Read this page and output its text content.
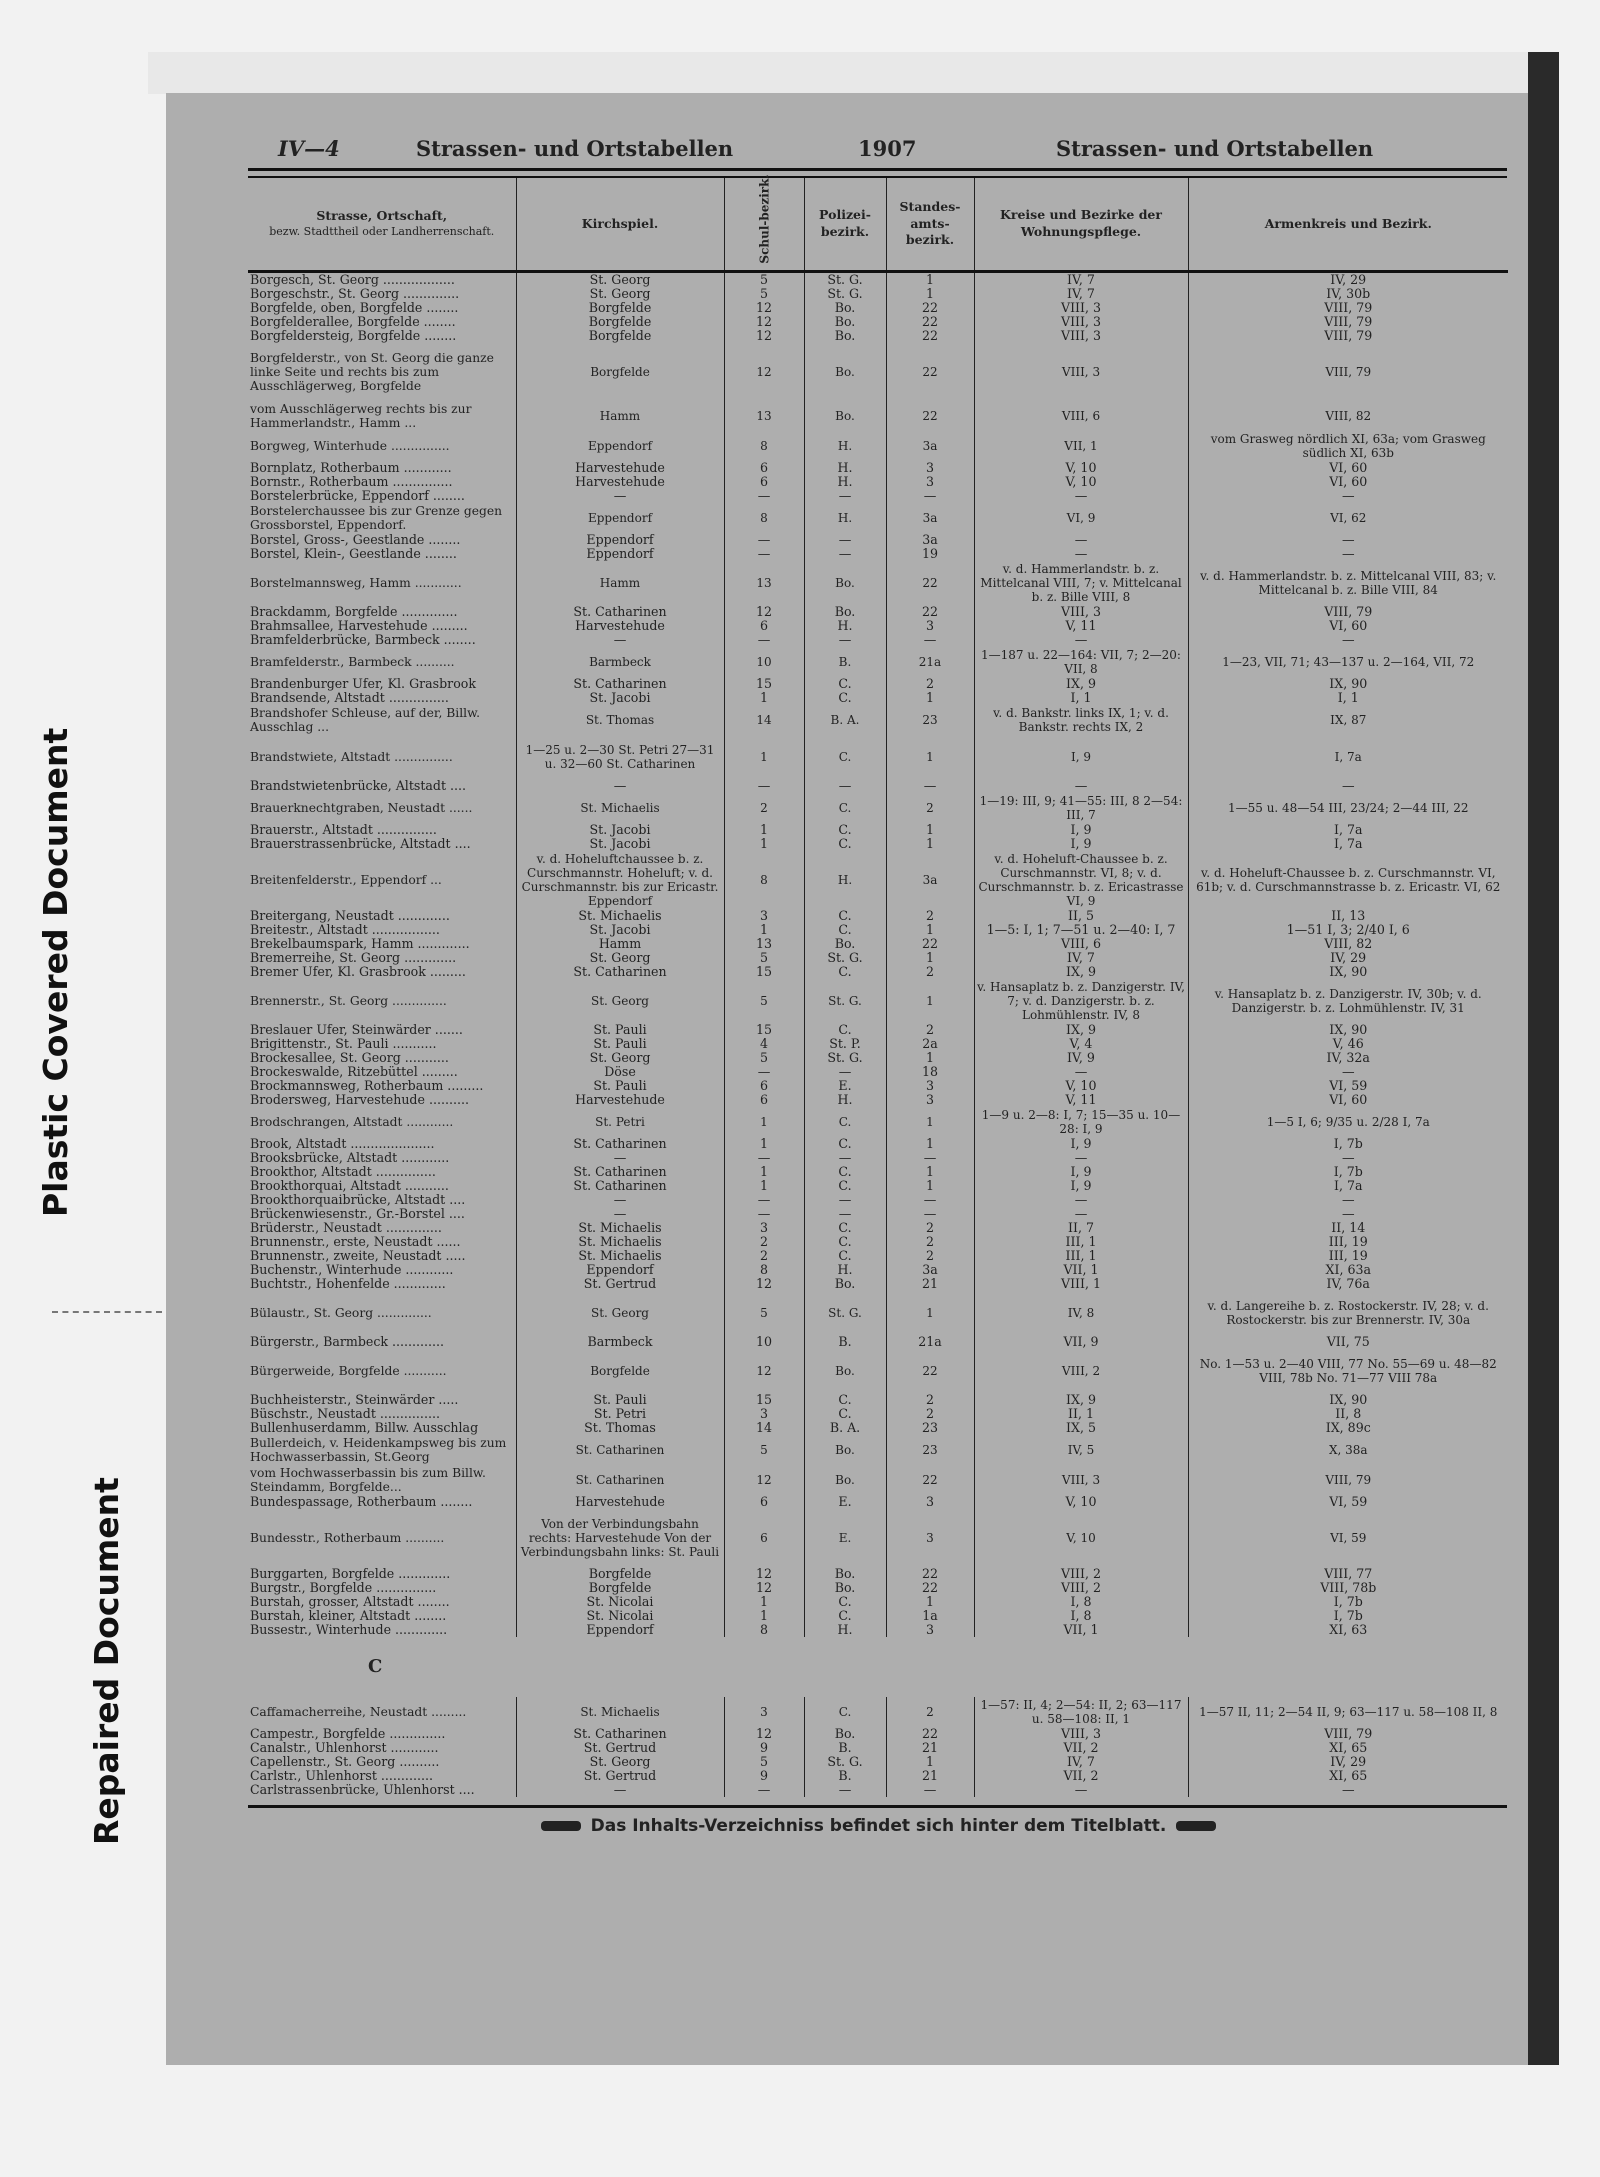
Plastic Covered Document
Repaired Document
IV—4	Strassen- und Ortstabellen	1907	Strassen- und Ortstabellen
Strasse, Ortschaft,
bezw. Stadttheil oder Landherrenschaft.	Kirchspiel.	Schul-bezirk.	Polizei-bezirk.	Standes-amts-bezirk.	Kreise und Bezirke der Wohnungspflege.	Armenkreis und Bezirk.
Borgesch, St. Georg ..................	St. Georg	5	St. G.	1	IV, 7	IV, 29
Borgeschstr., St. Georg ..............	St. Georg	5	St. G.	1	IV, 7	IV, 30b
Borgfelde, oben, Borgfelde ........	Borgfelde	12	Bo.	22	VIII, 3	VIII, 79
Borgfelderallee, Borgfelde ........	Borgfelde	12	Bo.	22	VIII, 3	VIII, 79
Borgfeldersteig, Borgfelde ........	Borgfelde	12	Bo.	22	VIII, 3	VIII, 79
Borgfelderstr., von St. Georg die ganze linke Seite und rechts bis zum Ausschlägerweg, Borgfelde	Borgfelde	12	Bo.	22	VIII, 3	VIII, 79
vom Ausschlägerweg rechts bis zur Hammerlandstr., Hamm ...	Hamm	13	Bo.	22	VIII, 6	VIII, 82
Borgweg, Winterhude ...............	Eppendorf	8	H.	3a	VII, 1	vom Grasweg nördlich XI, 63a; vom Grasweg südlich XI, 63b
Bornplatz, Rotherbaum ............	Harvestehude	6	H.	3	V, 10	VI, 60
Bornstr., Rotherbaum ...............	Harvestehude	6	H.	3	V, 10	VI, 60
Borstelerbrücke, Eppendorf ........	—	—	—	—	—	—
Borstelerchaussee bis zur Grenze gegen Grossborstel, Eppendorf.	Eppendorf	8	H.	3a	VI, 9	VI, 62
Borstel, Gross-, Geestlande ........	Eppendorf	—	—	3a	—	—
Borstel, Klein-, Geestlande ........	Eppendorf	—	—	19	—	—
Borstelmannsweg, Hamm ............	Hamm	13	Bo.	22	v. d. Hammerlandstr. b. z. Mittelcanal VIII, 7; v. Mittelcanal b. z. Bille VIII, 8	v. d. Hammerlandstr. b. z. Mittelcanal VIII, 83; v. Mittelcanal b. z. Bille VIII, 84
Brackdamm, Borgfelde ..............	St. Catharinen	12	Bo.	22	VIII, 3	VIII, 79
Brahmsallee, Harvestehude .........	Harvestehude	6	H.	3	V, 11	VI, 60
Bramfelderbrücke, Barmbeck ........	—	—	—	—	—	—
Bramfelderstr., Barmbeck ..........	Barmbeck	10	B.	21a	1—187 u. 22—164: VII, 7; 2—20: VII, 8	1—23, VII, 71; 43—137 u. 2—164, VII, 72
Brandenburger Ufer, Kl. Grasbrook	St. Catharinen	15	C.	2	IX, 9	IX, 90
Brandsende, Altstadt ...............	St. Jacobi	1	C.	1	I, 1	I, 1
Brandshofer Schleuse, auf der, Billw. Ausschlag ...	St. Thomas	14	B. A.	23	v. d. Bankstr. links IX, 1; v. d. Bankstr. rechts IX, 2	IX, 87
Brandstwiete, Altstadt ...............	1—25 u. 2—30 St. Petri 27—31 u. 32—60 St. Catharinen	1	C.	1	I, 9	I, 7a
Brandstwietenbrücke, Altstadt ....	—	—	—	—	—	—
Brauerknechtgraben, Neustadt ......	St. Michaelis	2	C.	2	1—19: III, 9; 41—55: III, 8 2—54: III, 7	1—55 u. 48—54 III, 23/24; 2—44 III, 22
Brauerstr., Altstadt ...............	St. Jacobi	1	C.	1	I, 9	I, 7a
Brauerstrassenbrücke, Altstadt ....	St. Jacobi	1	C.	1	I, 9	I, 7a
Breitenfelderstr., Eppendorf ...	v. d. Hoheluftchaussee b. z. Curschmannstr. Hoheluft; v. d. Curschmannstr. bis zur Ericastr. Eppendorf	8	H.	3a	v. d. Hoheluft-Chaussee b. z. Curschmannstr. VI, 8; v. d. Curschmannstr. b. z. Ericastrasse VI, 9	v. d. Hoheluft-Chaussee b. z. Curschmannstr. VI, 61b; v. d. Curschmannstrasse b. z. Ericastr. VI, 62
Breitergang, Neustadt .............	St. Michaelis	3	C.	2	II, 5	II, 13
Breitestr., Altstadt .................	St. Jacobi	1	C.	1	1—5: I, 1; 7—51 u. 2—40: I, 7	1—51 I, 3; 2/40 I, 6
Brekelbaumspark, Hamm .............	Hamm	13	Bo.	22	VIII, 6	VIII, 82
Bremerreihe, St. Georg .............	St. Georg	5	St. G.	1	IV, 7	IV, 29
Bremer Ufer, Kl. Grasbrook .........	St. Catharinen	15	C.	2	IX, 9	IX, 90
Brennerstr., St. Georg ..............	St. Georg	5	St. G.	1	v. Hansaplatz b. z. Danzigerstr. IV, 7; v. d. Danzigerstr. b. z. Lohmühlenstr. IV, 8	v. Hansaplatz b. z. Danzigerstr. IV, 30b; v. d. Danzigerstr. b. z. Lohmühlenstr. IV, 31
Breslauer Ufer, Steinwärder .......	St. Pauli	15	C.	2	IX, 9	IX, 90
Brigittenstr., St. Pauli ...........	St. Pauli	4	St. P.	2a	V, 4	V, 46
Brockesallee, St. Georg ...........	St. Georg	5	St. G.	1	IV, 9	IV, 32a
Brockeswalde, Ritzebüttel .........	Döse	—	—	18	—	—
Brockmannsweg, Rotherbaum .........	St. Pauli	6	E.	3	V, 10	VI, 59
Brodersweg, Harvestehude ..........	Harvestehude	6	H.	3	V, 11	VI, 60
Brodschrangen, Altstadt ............	St. Petri	1	C.	1	1—9 u. 2—8: I, 7; 15—35 u. 10—28: I, 9	1—5 I, 6; 9/35 u. 2/28 I, 7a
Brook, Altstadt .....................	St. Catharinen	1	C.	1	I, 9	I, 7b
Brooksbrücke, Altstadt ............	—	—	—	—	—	—
Brookthor, Altstadt ...............	St. Catharinen	1	C.	1	I, 9	I, 7b
Brookthorquai, Altstadt ...........	St. Catharinen	1	C.	1	I, 9	I, 7a
Brookthorquaibrücke, Altstadt ....	—	—	—	—	—	—
Brückenwiesenstr., Gr.-Borstel ....	—	—	—	—	—	—
Brüderstr., Neustadt ..............	St. Michaelis	3	C.	2	II, 7	II, 14
Brunnenstr., erste, Neustadt ......	St. Michaelis	2	C.	2	III, 1	III, 19
Brunnenstr., zweite, Neustadt .....	St. Michaelis	2	C.	2	III, 1	III, 19
Buchenstr., Winterhude ............	Eppendorf	8	H.	3a	VII, 1	XI, 63a
Buchtstr., Hohenfelde .............	St. Gertrud	12	Bo.	21	VIII, 1	IV, 76a
Bülaustr., St. Georg ..............	St. Georg	5	St. G.	1	IV, 8	v. d. Langereihe b. z. Rostockerstr. IV, 28; v. d. Rostockerstr. bis zur Brennerstr. IV, 30a
Bürgerstr., Barmbeck .............	Barmbeck	10	B.	21a	VII, 9	VII, 75
Bürgerweide, Borgfelde ...........	Borgfelde	12	Bo.	22	VIII, 2	No. 1—53 u. 2—40 VIII, 77 No. 55—69 u. 48—82 VIII, 78b No. 71—77 VIII 78a
Buchheisterstr., Steinwärder .....	St. Pauli	15	C.	2	IX, 9	IX, 90
Büschstr., Neustadt ...............	St. Petri	3	C.	2	II, 1	II, 8
Bullenhuserdamm, Billw. Ausschlag	St. Thomas	14	B. A.	23	IX, 5	IX, 89c
Bullerdeich, v. Heidenkampsweg bis zum Hochwasserbassin, St.Georg	St. Catharinen	5	Bo.	23	IV, 5	X, 38a
vom Hochwasserbassin bis zum Billw. Steindamm, Borgfelde...	St. Catharinen	12	Bo.	22	VIII, 3	VIII, 79
Bundespassage, Rotherbaum ........	Harvestehude	6	E.	3	V, 10	VI, 59
Bundesstr., Rotherbaum ..........	Von der Verbindungsbahn rechts: Harvestehude Von der Verbindungsbahn links: St. Pauli	6	E.	3	V, 10	VI, 59
Burggarten, Borgfelde .............	Borgfelde	12	Bo.	22	VIII, 2	VIII, 77
Burgstr., Borgfelde ...............	Borgfelde	12	Bo.	22	VIII, 2	VIII, 78b
Burstah, grosser, Altstadt ........	St. Nicolai	1	C.	1	I, 8	I, 7b
Burstah, kleiner, Altstadt ........	St. Nicolai	1	C.	1a	I, 8	I, 7b
Bussestr., Winterhude .............	Eppendorf	8	H.	3	VII, 1	XI, 63
C						
Caffamacherreihe, Neustadt .........	St. Michaelis	3	C.	2	1—57: II, 4; 2—54: II, 2; 63—117 u. 58—108: II, 1	1—57 II, 11; 2—54 II, 9; 63—117 u. 58—108 II, 8
Campestr., Borgfelde ..............	St. Catharinen	12	Bo.	22	VIII, 3	VIII, 79
Canalstr., Uhlenhorst ............	St. Gertrud	9	B.	21	VII, 2	XI, 65
Capellenstr., St. Georg ..........	St. Georg	5	St. G.	1	IV, 7	IV, 29
Carlstr., Uhlenhorst .............	St. Gertrud	9	B.	21	VII, 2	XI, 65
Carlstrassenbrücke, Uhlenhorst ....	—	—	—	—	—	—
Das Inhalts-Verzeichniss befindet sich hinter dem Titelblatt.
